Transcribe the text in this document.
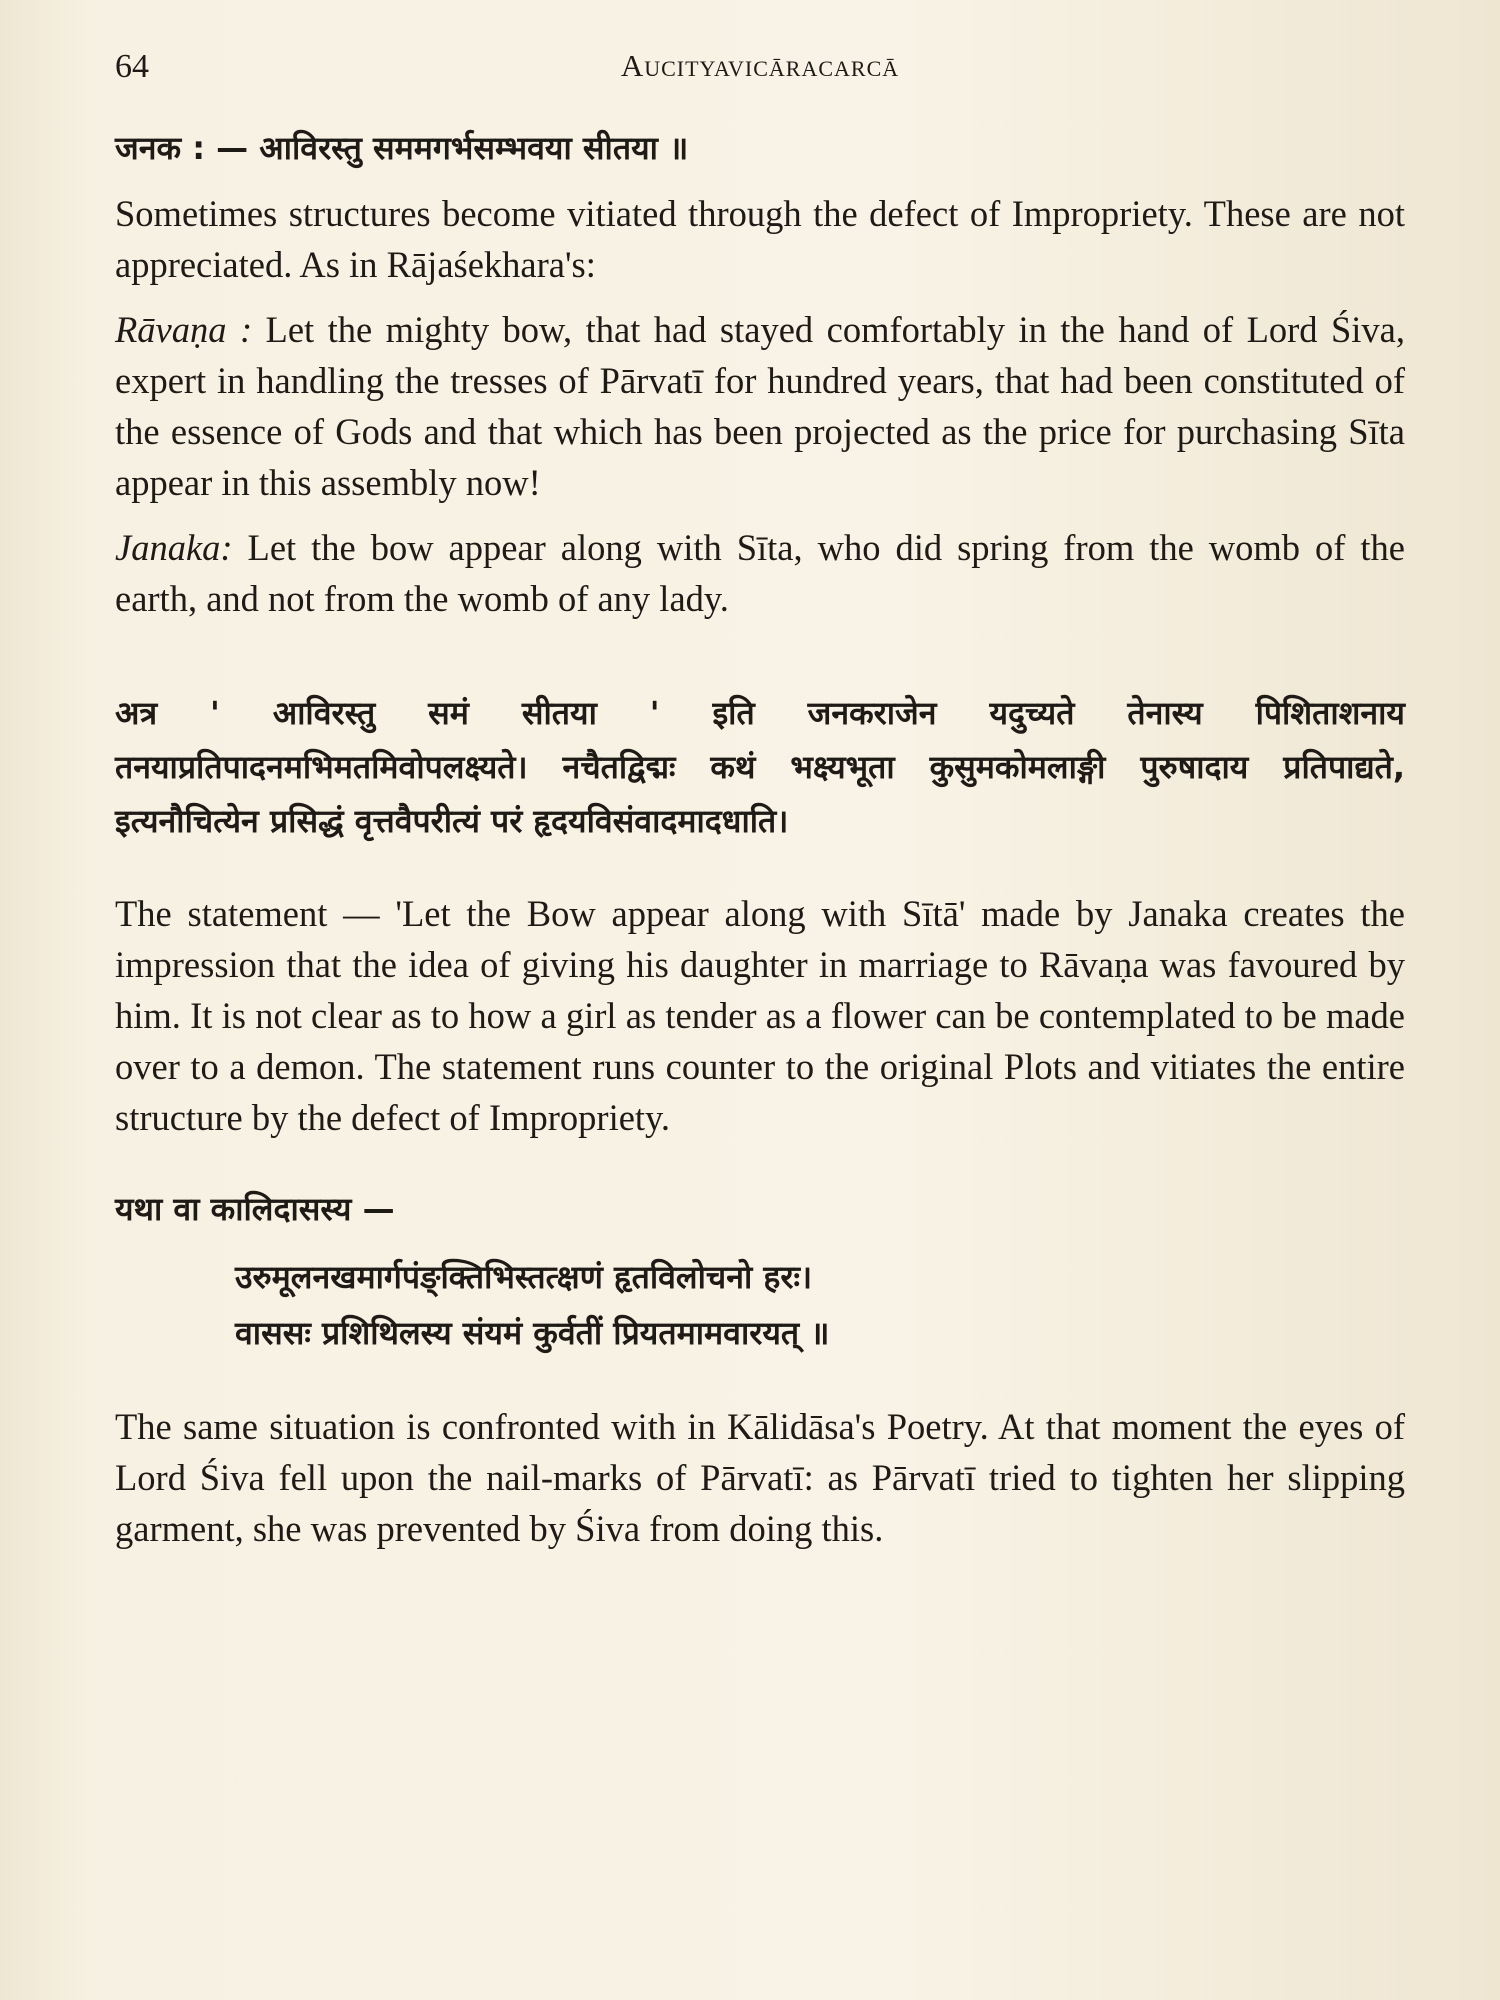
64	Aucityavicāracarcā

जनक : — आविरस्तु सममगर्भसम्भवया सीतया ॥

Sometimes structures become vitiated through the defect of Impropriety. These are not appreciated. As in Rājaśekhara's:

Rāvaṇa : Let the mighty bow, that had stayed comfortably in the hand of Lord Śiva, expert in handling the tresses of Pārvatī for hundred years, that had been constituted of the essence of Gods and that which has been projected as the price for purchasing Sīta appear in this assembly now!

Janaka: Let the bow appear along with Sīta, who did spring from the womb of the earth, and not from the womb of any lady.

अत्र ' आविरस्तु समं सीतया ' इति जनकराजेन यदुच्यते तेनास्य पिशिताशनाय तनयाप्रतिपादनमभिमतमिवोपलक्ष्यते। नचैतद्विद्मः कथं भक्ष्यभूता कुसुमकोमलाङ्गी पुरुषादाय प्रतिपाद्यते, इत्यनौचित्येन प्रसिद्धं वृत्तवैपरीत्यं परं हृदयविसंवादमादधाति।

The statement — 'Let the Bow appear along with Sītā' made by Janaka creates the impression that the idea of giving his daughter in marriage to Rāvaṇa was favoured by him. It is not clear as to how a girl as tender as a flower can be contemplated to be made over to a demon. The statement runs counter to the original Plots and vitiates the entire structure by the defect of Impropriety.

यथा वा कालिदासस्य —

उरुमूलनखमार्गपंङ्क्तिभिस्तत्क्षणं हृतविलोचनो हरः।

वाससः प्रशिथिलस्य संयमं कुर्वतीं प्रियतमामवारयत् ॥

The same situation is confronted with in Kālidāsa's Poetry. At that moment the eyes of Lord Śiva fell upon the nail-marks of Pārvatī: as Pārvatī tried to tighten her slipping garment, she was prevented by Śiva from doing this.
